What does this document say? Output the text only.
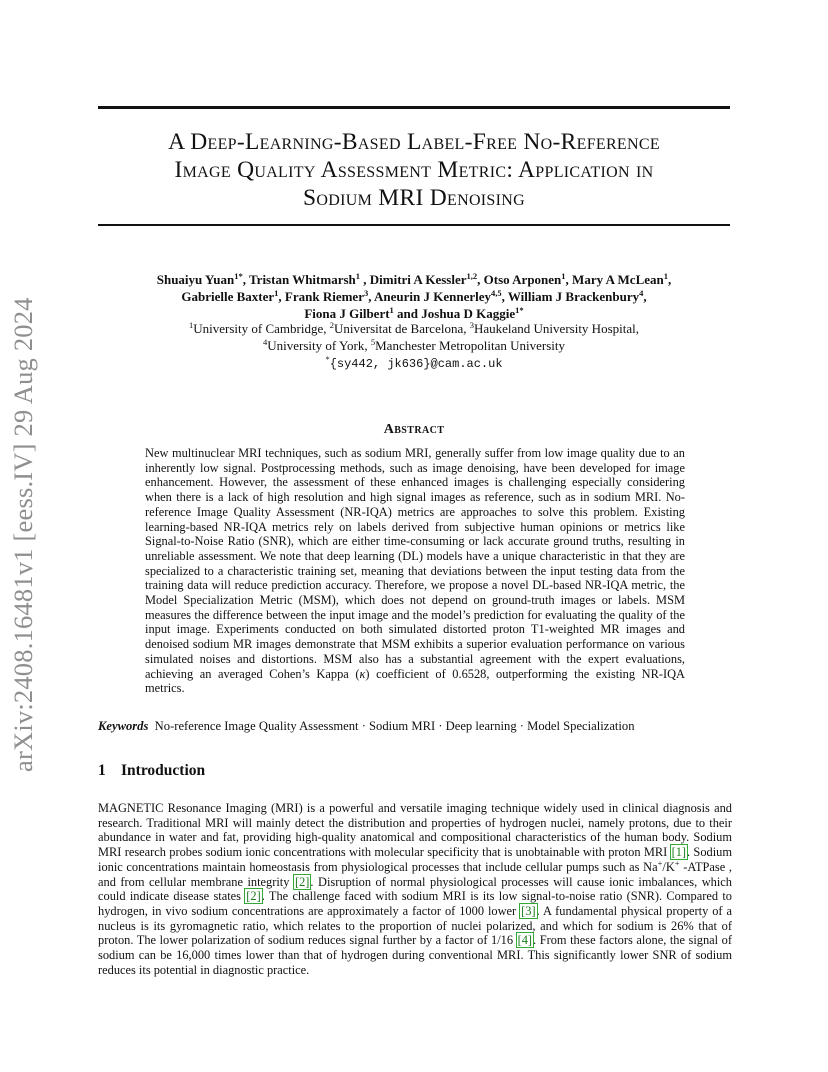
arXiv:2408.16481v1 [eess.IV] 29 Aug 2024
A Deep-Learning-Based Label-Free No-Reference
Image Quality Assessment Metric: Application in
Sodium MRI Denoising
Shuaiyu Yuan$^{1*}$, Tristan Whitmarsh$^1$ , Dimitri A Kessler$^{1,2}$, Otso Arponen$^1$, Mary A McLean$^1$,
Gabrielle Baxter$^1$, Frank Riemer$^3$, Aneurin J Kennerley$^{4,5}$, William J Brackenbury$^4$,
Fiona J Gilbert$^1$ and Joshua D Kaggie$^{1*}$
$^1$University of Cambridge, $^2$Universitat de Barcelona, $^3$Haukeland University Hospital,
$^4$University of York, $^5$Manchester Metropolitan University
*{sy442, jk636}@cam.ac.uk
Abstract
New multinuclear MRI techniques, such as sodium MRI, generally suffer from low image quality due to an inherently low signal. Postprocessing methods, such as image denoising, have been developed for image enhancement. However, the assessment of these enhanced images is challenging especially considering when there is a lack of high resolution and high signal images as reference, such as in sodium MRI. No-reference Image Quality Assessment (NR-IQA) metrics are approaches to solve this problem. Existing learning-based NR-IQA metrics rely on labels derived from subjective human opinions or metrics like Signal-to-Noise Ratio (SNR), which are either time-consuming or lack accurate ground truths, resulting in unreliable assessment. We note that deep learning (DL) models have a unique characteristic in that they are specialized to a characteristic training set, meaning that deviations between the input testing data from the training data will reduce prediction accuracy. Therefore, we propose a novel DL-based NR-IQA metric, the Model Specialization Metric (MSM), which does not depend on ground-truth images or labels. MSM measures the difference between the input image and the model’s prediction for evaluating the quality of the input image. Experiments conducted on both simulated distorted proton T1-weighted MR images and denoised sodium MR images demonstrate that MSM exhibits a superior evaluation performance on various simulated noises and distortions. MSM also has a substantial agreement with the expert evaluations, achieving an averaged Cohen’s Kappa (κ) coefficient of 0.6528, outperforming the existing NR-IQA metrics.
Keywords No-reference Image Quality Assessment · Sodium MRI · Deep learning · Model Specialization
1 Introduction
MAGNETIC Resonance Imaging (MRI) is a powerful and versatile imaging technique widely used in clinical diagnosis and research. Traditional MRI will mainly detect the distribution and properties of hydrogen nuclei, namely protons, due to their abundance in water and fat, providing high-quality anatomical and compositional characteristics of the human body. Sodium MRI research probes sodium ionic concentrations with molecular specificity that is unobtainable with proton MRI [1]. Sodium ionic concentrations maintain homeostasis from physiological processes that include cellular pumps such as Na+/K+ -ATPase , and from cellular membrane integrity [2]. Disruption of normal physiological processes will cause ionic imbalances, which could indicate disease states [2]. The challenge faced with sodium MRI is its low signal-to-noise ratio (SNR). Compared to hydrogen, in vivo sodium concentrations are approximately a factor of 1000 lower [3]. A fundamental physical property of a nucleus is its gyromagnetic ratio, which relates to the proportion of nuclei polarized, and which for sodium is 26% that of proton. The lower polarization of sodium reduces signal further by a factor of 1/16 [4]. From these factors alone, the signal of sodium can be 16,000 times lower than that of hydrogen during conventional MRI. This significantly lower SNR of sodium reduces its potential in diagnostic practice.
